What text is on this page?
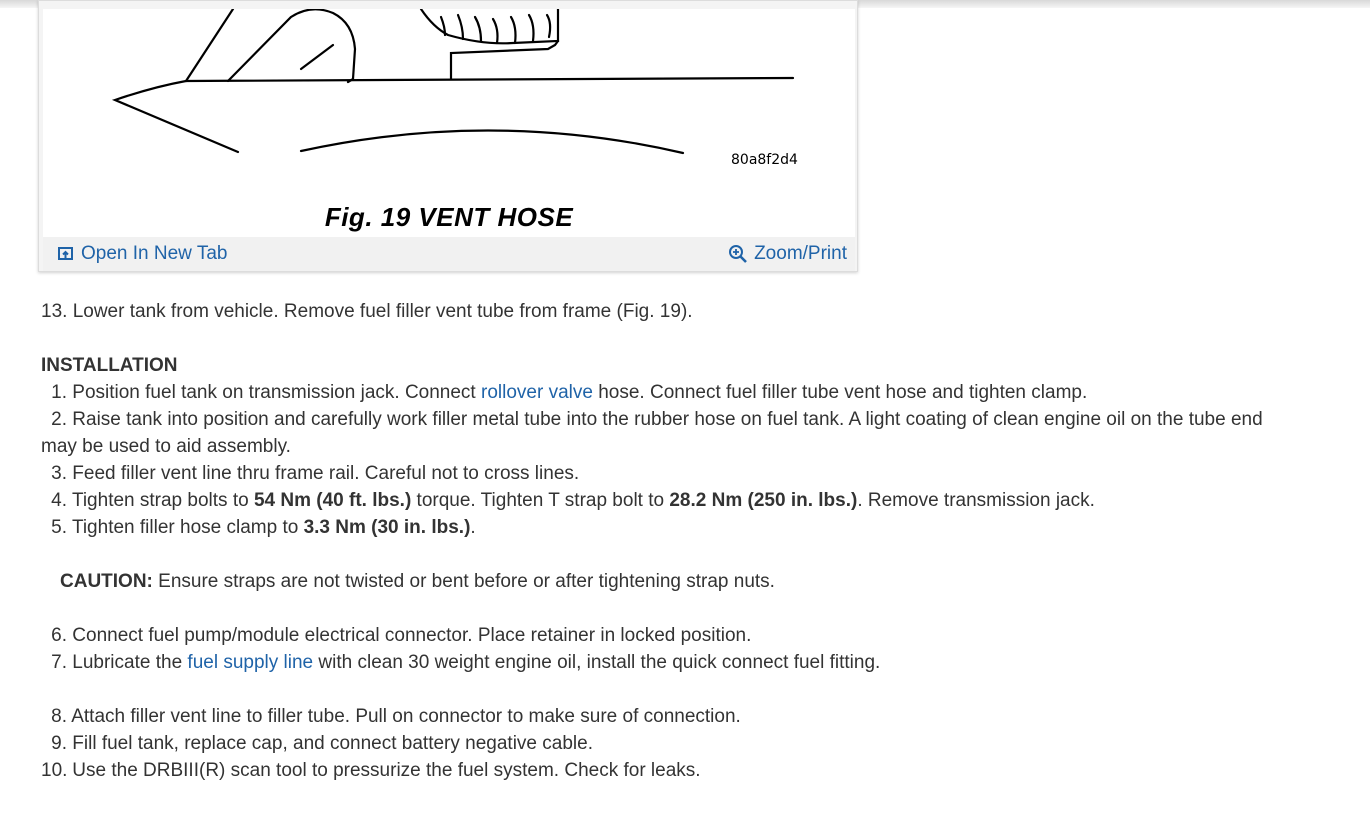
80a8f2d4
Fig. 19 VENT HOSE
Open In New Tab	Zoom/Print
13. Lower tank from vehicle. Remove fuel filler vent tube from frame (Fig. 19).
INSTALLATION
1. Position fuel tank on transmission jack. Connect rollover valve hose. Connect fuel filler tube vent hose and tighten clamp.
2. Raise tank into position and carefully work filler metal tube into the rubber hose on fuel tank. A light coating of clean engine oil on the tube end may be used to aid assembly.
3. Feed filler vent line thru frame rail. Careful not to cross lines.
4. Tighten strap bolts to 54 Nm (40 ft. lbs.) torque. Tighten T strap bolt to 28.2 Nm (250 in. lbs.). Remove transmission jack.
5. Tighten filler hose clamp to 3.3 Nm (30 in. lbs.).
CAUTION: Ensure straps are not twisted or bent before or after tightening strap nuts.
6. Connect fuel pump/module electrical connector. Place retainer in locked position.
7. Lubricate the fuel supply line with clean 30 weight engine oil, install the quick connect fuel fitting.
8. Attach filler vent line to filler tube. Pull on connector to make sure of connection.
9. Fill fuel tank, replace cap, and connect battery negative cable.
10. Use the DRBIII(R) scan tool to pressurize the fuel system. Check for leaks.
